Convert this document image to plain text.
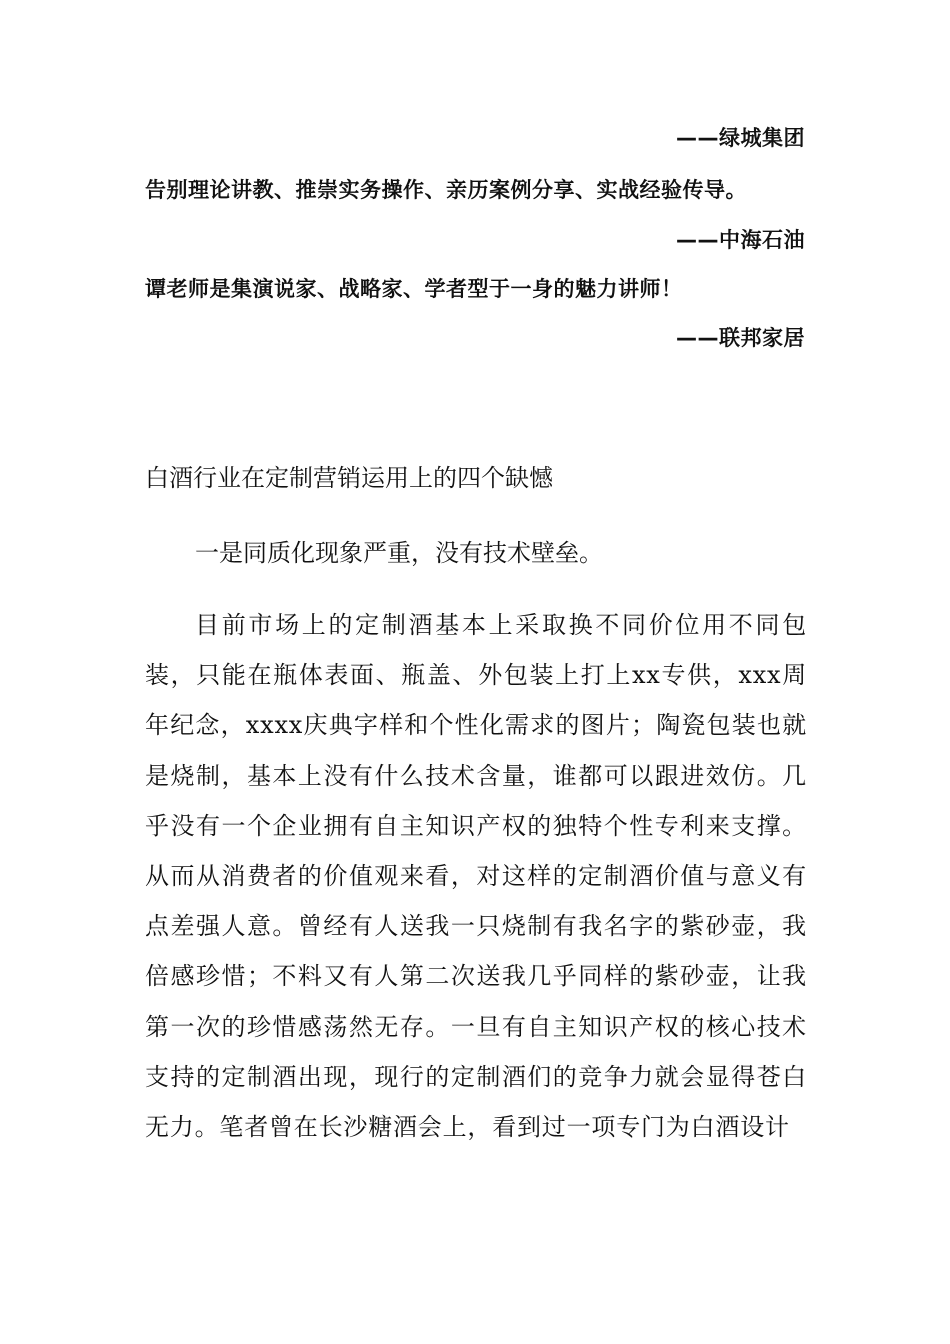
——绿城集团
告别理论讲教、推崇实务操作、亲历案例分享、实战经验传导。
——中海石油
谭老师是集演说家、战略家、学者型于一身的魅力讲师！
——联邦家居
白酒行业在定制营销运用上的四个缺憾
一是同质化现象严重，没有技术壁垒。

目前市场上的定制酒基本上采取换不同价位用不同包装，只能在瓶体表面、瓶盖、外包装上打上xx专供，xxx周年纪念，xxxx庆典字样和个性化需求的图片；陶瓷包装也就是烧制，基本上没有什么技术含量，谁都可以跟进效仿。几乎没有一个企业拥有自主知识产权的独特个性专利来支撑。从而从消费者的价值观来看，对这样的定制酒价值与意义有点差强人意。曾经有人送我一只烧制有我名字的紫砂壶，我倍感珍惜；不料又有人第二次送我几乎同样的紫砂壶，让我第一次的珍惜感荡然无存。一旦有自主知识产权的核心技术支持的定制酒出现，现行的定制酒们的竞争力就会显得苍白无力。笔者曾在长沙糖酒会上，看到过一项专门为白酒设计
